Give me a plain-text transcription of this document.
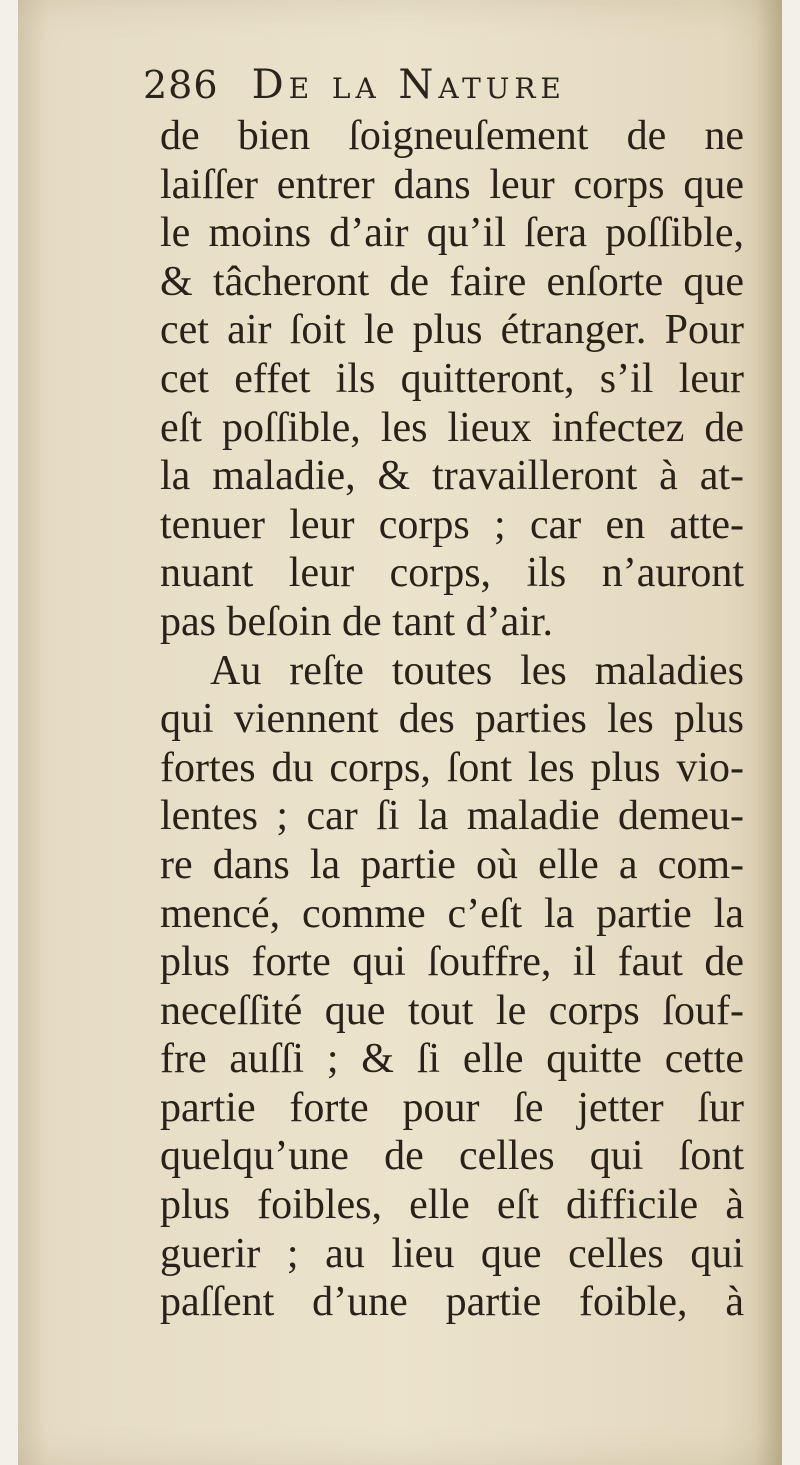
286 De la Nature
de bien ſoigneuſement de ne
laiſſer entrer dans leur corps que
le moins d’air qu’il ſera poſſible,
& tâcheront de faire enſorte que
cet air ſoit le plus étranger. Pour
cet effet ils quitteront, s’il leur
eſt poſſible, les lieux infectez de
la maladie, & travailleront à at-
tenuer leur corps ; car en atte-
nuant leur corps, ils n’auront
pas beſoin de tant d’air.
Au reſte toutes les maladies
qui viennent des parties les plus
fortes du corps, ſont les plus vio-
lentes ; car ſi la maladie demeu-
re dans la partie où elle a com-
mencé, comme c’eſt la partie la
plus forte qui ſouffre, il faut de
neceſſité que tout le corps ſouf-
fre auſſi ; & ſi elle quitte cette
partie forte pour ſe jetter ſur
quelqu’une de celles qui ſont
plus foibles, elle eſt difficile à
guerir ; au lieu que celles qui
paſſent d’une partie foible, à
